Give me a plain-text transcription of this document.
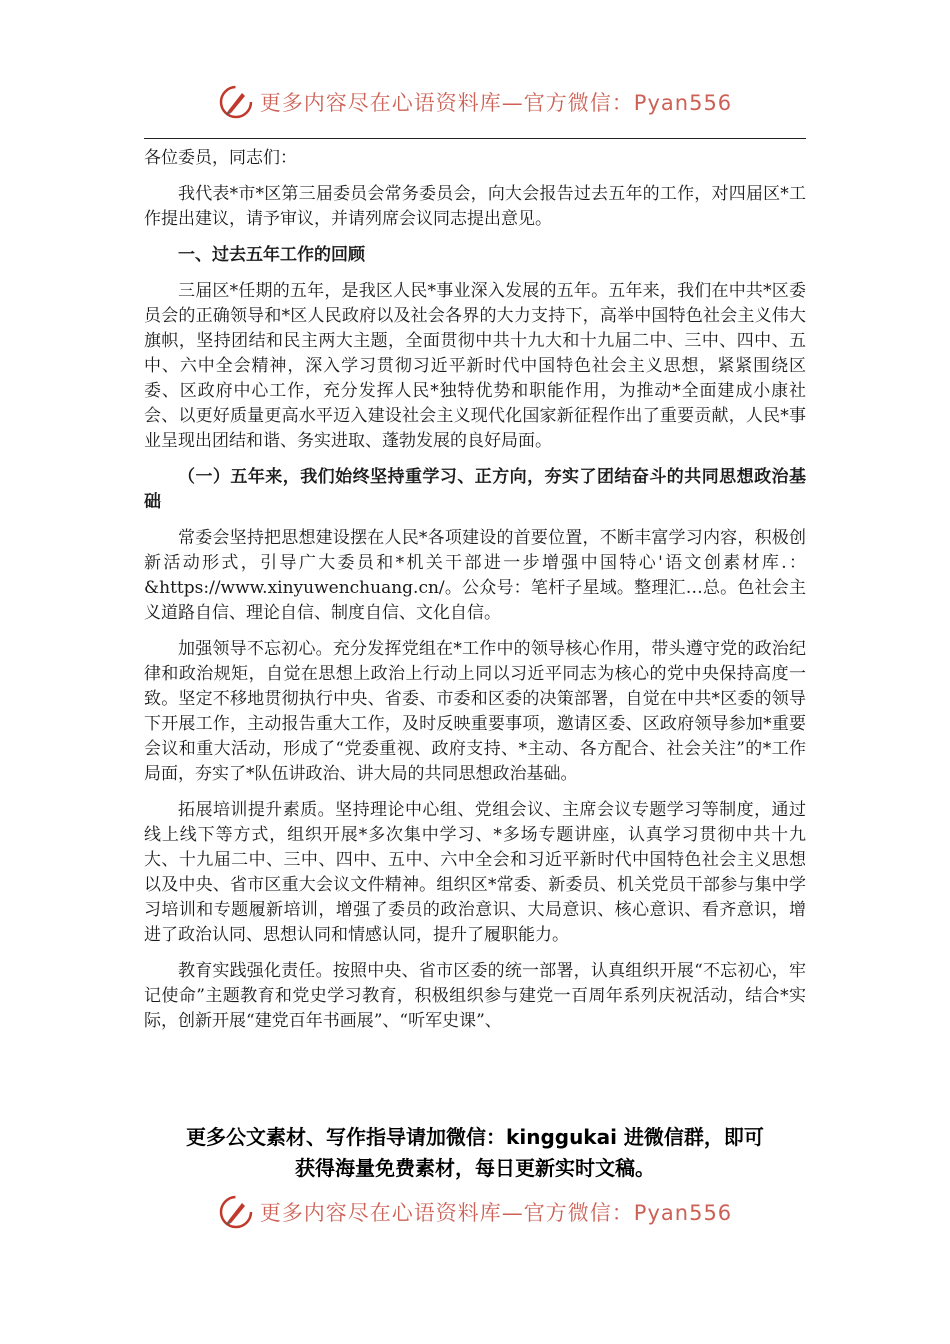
更多内容尽在心语资料库—官方微信：Pyan556

各位委员，同志们：

我代表*市*区第三届委员会常务委员会，向大会报告过去五年的工作，对四届区*工作提出建议，请予审议，并请列席会议同志提出意见。

一、过去五年工作的回顾

三届区*任期的五年，是我区人民*事业深入发展的五年。五年来，我们在中共*区委员会的正确领导和*区人民政府以及社会各界的大力支持下，高举中国特色社会主义伟大旗帜，坚持团结和民主两大主题，全面贯彻中共十九大和十九届二中、三中、四中、五中、六中全会精神，深入学习贯彻习近平新时代中国特色社会主义思想，紧紧围绕区委、区政府中心工作，充分发挥人民*独特优势和职能作用，为推动*全面建成小康社会、以更好质量更高水平迈入建设社会主义现代化国家新征程作出了重要贡献，人民*事业呈现出团结和谐、务实进取、蓬勃发展的良好局面。

（一）五年来，我们始终坚持重学习、正方向，夯实了团结奋斗的共同思想政治基础

常委会坚持把思想建设摆在人民*各项建设的首要位置，不断丰富学习内容，积极创新活动形式，引导广大委员和*机关干部进一步增强中国特心'语文创素材库.：&https://www.xinyuwenchuang.cn/。公众号：笔杆子星域。整理汇…总。色社会主义道路自信、理论自信、制度自信、文化自信。

加强领导不忘初心。充分发挥党组在*工作中的领导核心作用，带头遵守党的政治纪律和政治规矩，自觉在思想上政治上行动上同以习近平同志为核心的党中央保持高度一致。坚定不移地贯彻执行中央、省委、市委和区委的决策部署，自觉在中共*区委的领导下开展工作，主动报告重大工作，及时反映重要事项，邀请区委、区政府领导参加*重要会议和重大活动，形成了“党委重视、政府支持、*主动、各方配合、社会关注”的*工作局面，夯实了*队伍讲政治、讲大局的共同思想政治基础。

拓展培训提升素质。坚持理论中心组、党组会议、主席会议专题学习等制度，通过线上线下等方式，组织开展*多次集中学习、*多场专题讲座，认真学习贯彻中共十九大、十九届二中、三中、四中、五中、六中全会和习近平新时代中国特色社会主义思想以及中央、省市区重大会议文件精神。组织区*常委、新委员、机关党员干部参与集中学习培训和专题履新培训，增强了委员的政治意识、大局意识、核心意识、看齐意识，增进了政治认同、思想认同和情感认同，提升了履职能力。

教育实践强化责任。按照中央、省市区委的统一部署，认真组织开展“不忘初心，牢记使命”主题教育和党史学习教育，积极组织参与建党一百周年系列庆祝活动，结合*实际，创新开展“建党百年书画展”、“听军史课”、

更多公文素材、写作指导请加微信：kinggukai 进微信群，即可
获得海量免费素材，每日更新实时文稿。
更多内容尽在心语资料库—官方微信：Pyan556
